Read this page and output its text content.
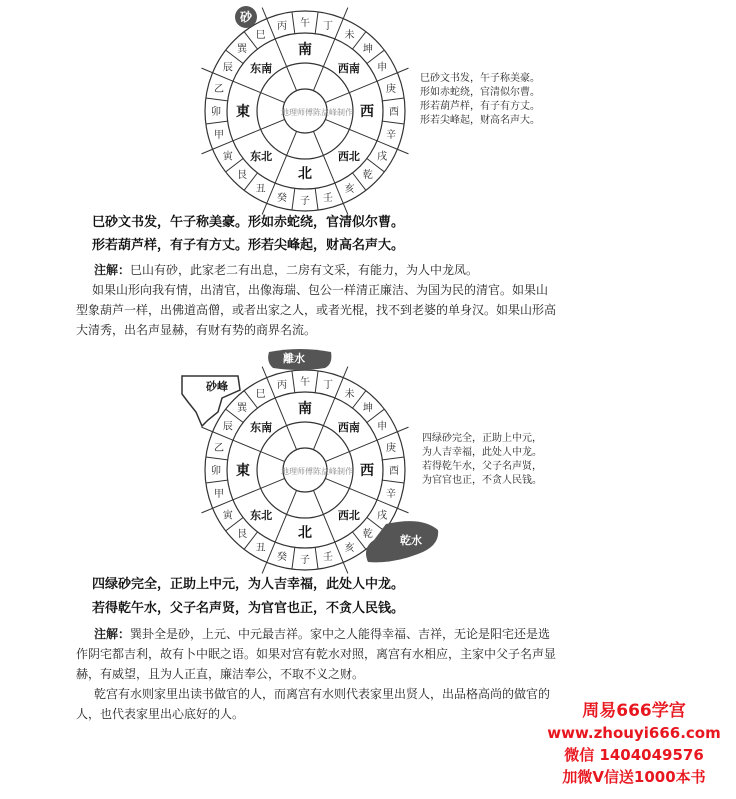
午 丁
未
坤
申
庚
酉
辛
戌
乾
亥
壬
子
癸
丑
艮
寅
甲
卯
乙
辰
巽
巳
丙
南
西南
西
西北
北
东北
東
东南
地理师傅陈益峰制作
砂
巳砂文书发，午子称美豪。
形如赤蛇绕，官清似尔曹。
形若葫芦样，有子有方丈。
形若尖峰起，财高名声大。
巳砂文书发，午子称美豪。形如赤蛇绕，官清似尔曹。
形若葫芦样，有子有方丈。形若尖峰起，财高名声大。
注解：巳山有砂，此家老二有出息，二房有文采，有能力，为人中龙凤。
如果山形向我有情，出清官，出像海瑞、包公一样清正廉洁、为国为民的清官。如果山
型象葫芦一样，出佛道高僧，或者出家之人，或者光棍，找不到老婆的单身汉。如果山形高
大清秀，出名声显赫，有财有势的商界名流。
午 丁
未
坤
申
庚
酉
辛
戌
乾
亥
壬
子
癸
丑
艮
寅
甲
卯
乙
辰
巽
巳
丙
南
西南
西
西北
北
东北
東
东南
地理师傅陈益峰制作
離水
砂峰
乾水
四绿砂完全，正助上中元，
为人吉幸福，此处人中龙。
若得乾午水，父子名声贤，
为官官也正，不贪人民钱。
四绿砂完全，正助上中元，为人吉幸福，此处人中龙。
若得乾午水，父子名声贤，为官官也正，不贪人民钱。
注解：巽卦全是砂，上元、中元最吉祥。家中之人能得幸福、吉祥，无论是阳宅还是选
作阴宅都吉利，故有卜中眠之语。如果对宫有乾水对照，离宫有水相应，主家中父子名声显
赫，有威望，且为人正直，廉洁奉公，不取不义之财。
乾宫有水则家里出读书做官的人，而离宫有水则代表家里出贤人，出品格高尚的做官的
人，也代表家里出心底好的人。	周易666学宫
www.zhouyi666.com
微信 1404049576
加微V信送1000本书
